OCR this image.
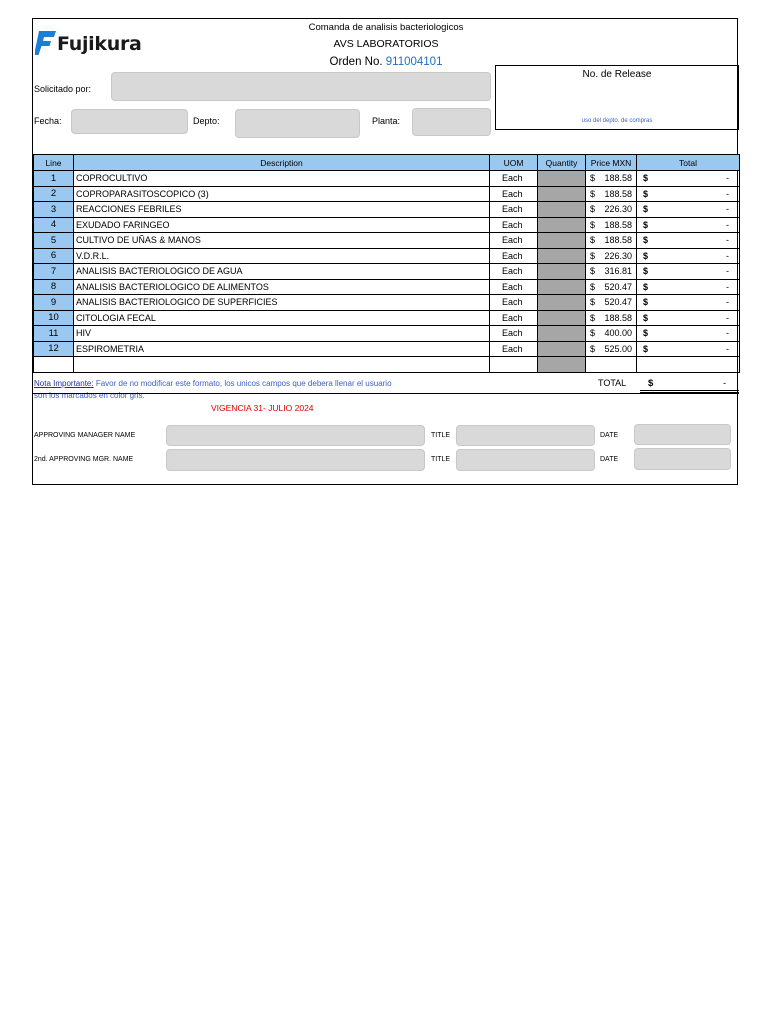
Fujikura
Comanda de analisis bacteriologicos
AVS LABORATORIOS
Orden No. 911004101
No. de Release
uso del depto. de compras
Solicitado por:
Fecha:	Depto:	Planta:
Line	Description	UOM	Quantity	Price MXN	Total
1	COPROCULTIVO	Each		$ 188.58	$ -

2	COPROPARASITOSCOPICO (3)	Each		$ 188.58	$ -

3	REACCIONES FEBRILES	Each		$ 226.30	$ -

4	EXUDADO FARINGEO	Each		$ 188.58	$ -

5	CULTIVO DE UÑAS & MANOS	Each		$ 188.58	$ -

6	V.D.R.L.	Each		$ 226.30	$ -

7	ANALISIS BACTERIOLOGICO DE AGUA	Each		$ 316.81	$ -

8	ANALISIS BACTERIOLOGICO DE ALIMENTOS	Each		$ 520.47	$ -

9	ANALISIS BACTERIOLOGICO DE SUPERFICIES	Each		$ 520.47	$ -

10	CITOLOGIA FECAL	Each		$ 188.58	$ -

11	HIV	Each		$ 400.00	$ -

12	ESPIROMETRIA	Each		$ 525.00	$ -

Nota Importante: Favor de no modificar este formato, los unicos campos que debera llenar el usuario
son los marcados en color gris.
VIGENCIA 31- JULIO 2024
TOTAL $	-
APPROVING MANAGER NAME	TITLE	DATE
2nd. APPROVING MGR. NAME	TITLE	DATE
